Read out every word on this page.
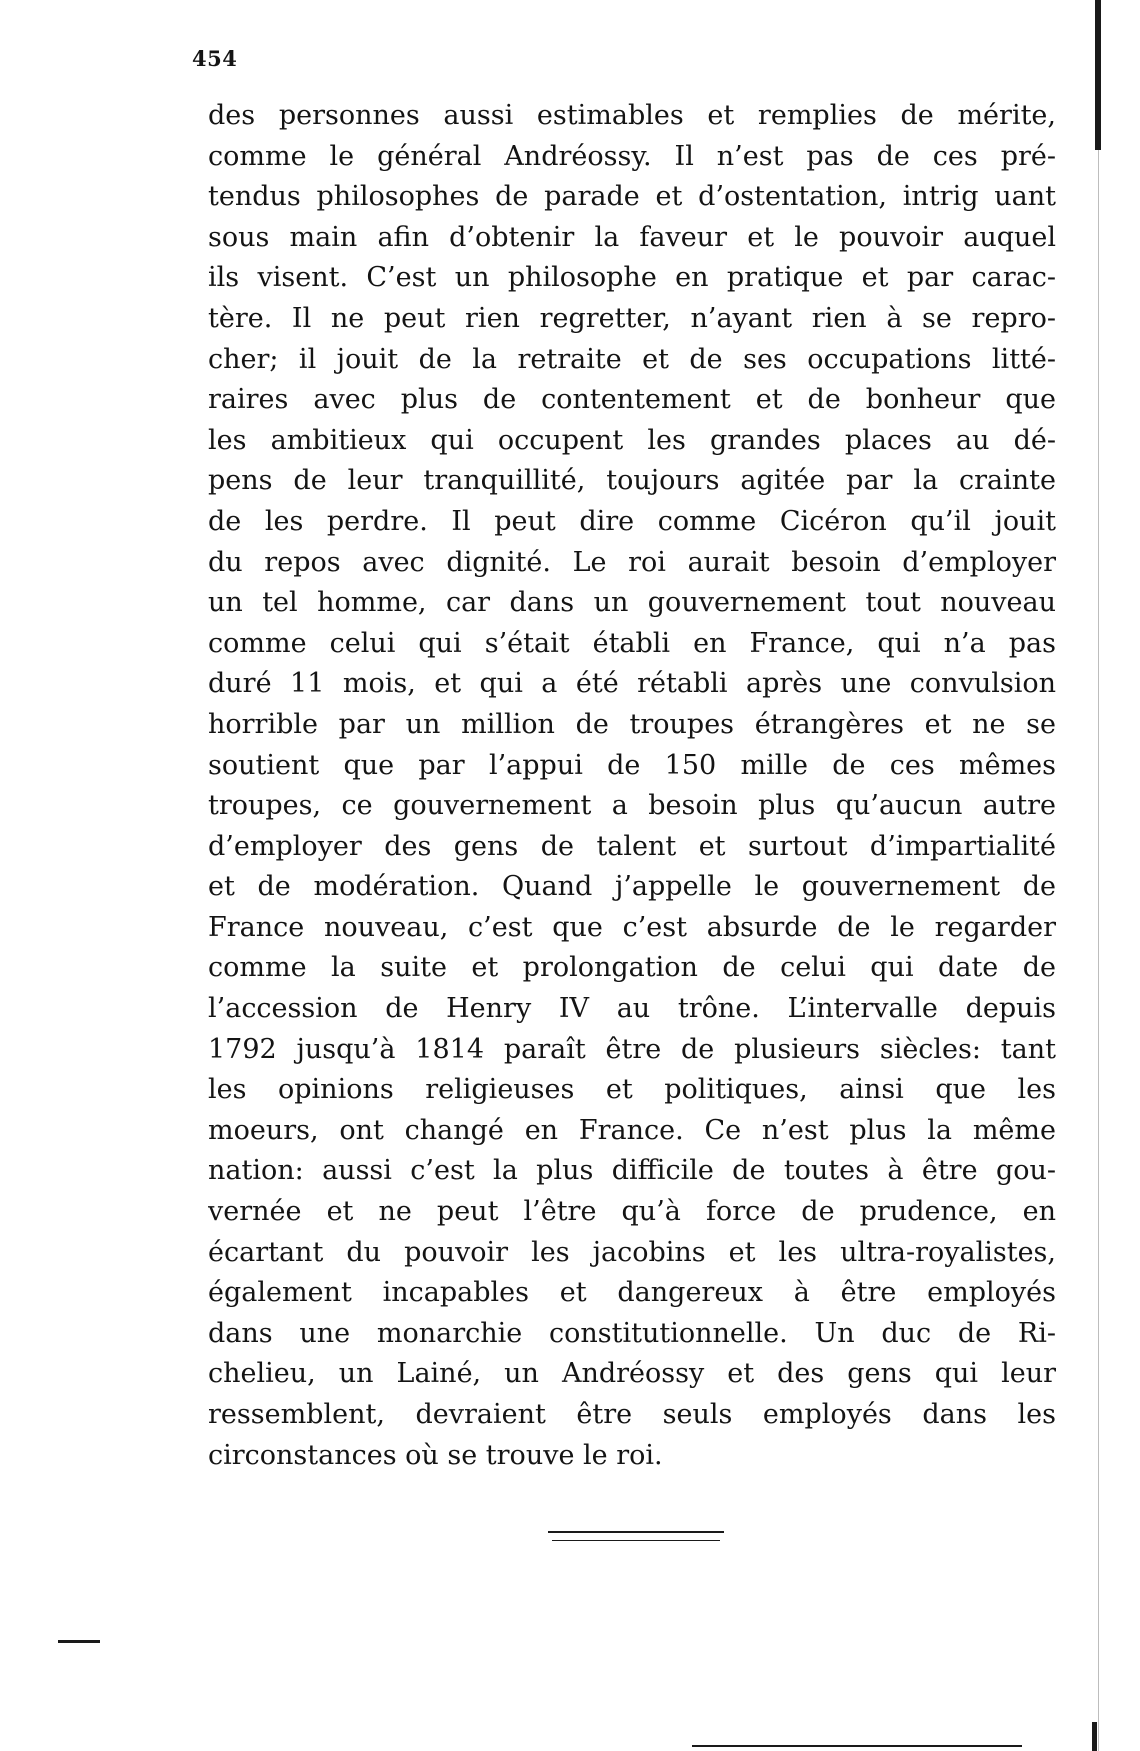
454
des personnes aussi estimables et remplies de mérite,
comme le général Andréossy. Il n’est pas de ces pré-
tendus philosophes de parade et d’ostentation, intrig uant
sous main afin d’obtenir la faveur et le pouvoir auquel
ils visent. C’est un philosophe en pratique et par carac-
tère. Il ne peut rien regretter, n’ayant rien à se repro-
cher; il jouit de la retraite et de ses occupations litté-
raires avec plus de contentement et de bonheur que
les ambitieux qui occupent les grandes places au dé-
pens de leur tranquillité, toujours agitée par la crainte
de les perdre. Il peut dire comme Cicéron qu’il jouit
du repos avec dignité. Le roi aurait besoin d’employer
un tel homme, car dans un gouvernement tout nouveau
comme celui qui s’était établi en France, qui n’a pas
duré 11 mois, et qui a été rétabli après une convulsion
horrible par un million de troupes étrangères et ne se
soutient que par l’appui de 150 mille de ces mêmes
troupes, ce gouvernement a besoin plus qu’aucun autre
d’employer des gens de talent et surtout d’impartialité
et de modération. Quand j’appelle le gouvernement de
France nouveau, c’est que c’est absurde de le regarder
comme la suite et prolongation de celui qui date de
l’accession de Henry IV au trône. L’intervalle depuis
1792 jusqu’à 1814 paraît être de plusieurs siècles: tant
les opinions religieuses et politiques, ainsi que les
moeurs, ont changé en France. Ce n’est plus la même
nation: aussi c’est la plus difficile de toutes à être gou-
vernée et ne peut l’être qu’à force de prudence, en
écartant du pouvoir les jacobins et les ultra-royalistes,
également incapables et dangereux à être employés
dans une monarchie constitutionnelle. Un duc de Ri-
chelieu, un Lainé, un Andréossy et des gens qui leur
ressemblent, devraient être seuls employés dans les
circonstances où se trouve le roi.
